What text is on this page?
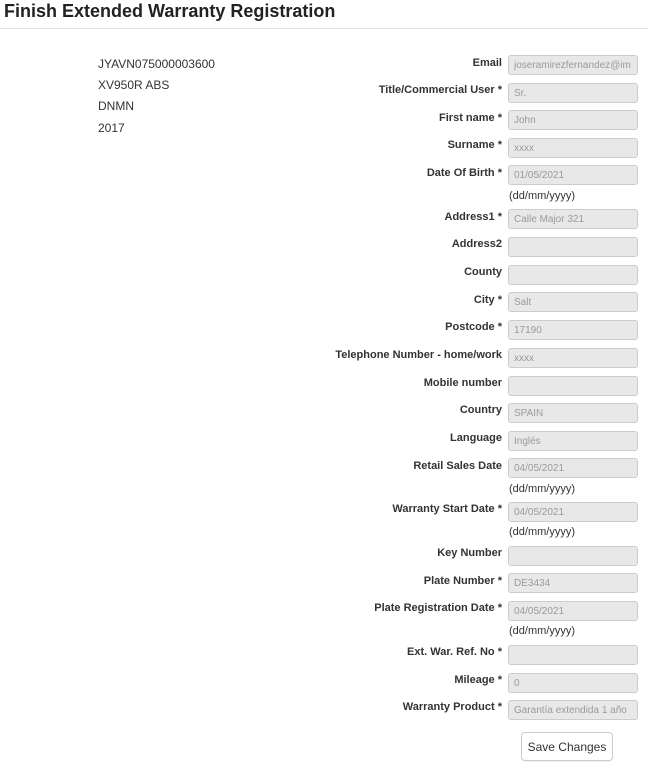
Finish Extended Warranty Registration
JYAVN075000003600
XV950R ABS
DNMN
2017
Email
joseramirezfernandez@im
Title/Commercial User *
Sr.
First name *
John
Surname *
xxxx
Date Of Birth *
01/05/2021
(dd/mm/yyyy)
Address1 *
Calle Major 321
Address2
County
City *
Salt
Postcode *
17190
Telephone Number - home/work
xxxx
Mobile number
Country
SPAIN
Language
Inglés
Retail Sales Date
04/05/2021
(dd/mm/yyyy)
Warranty Start Date *
04/05/2021
(dd/mm/yyyy)
Key Number
Plate Number *
DE3434
Plate Registration Date *
04/05/2021
(dd/mm/yyyy)
Ext. War. Ref. No *
Mileage *
0
Warranty Product *
Garantía extendida 1 año
Save Changes
